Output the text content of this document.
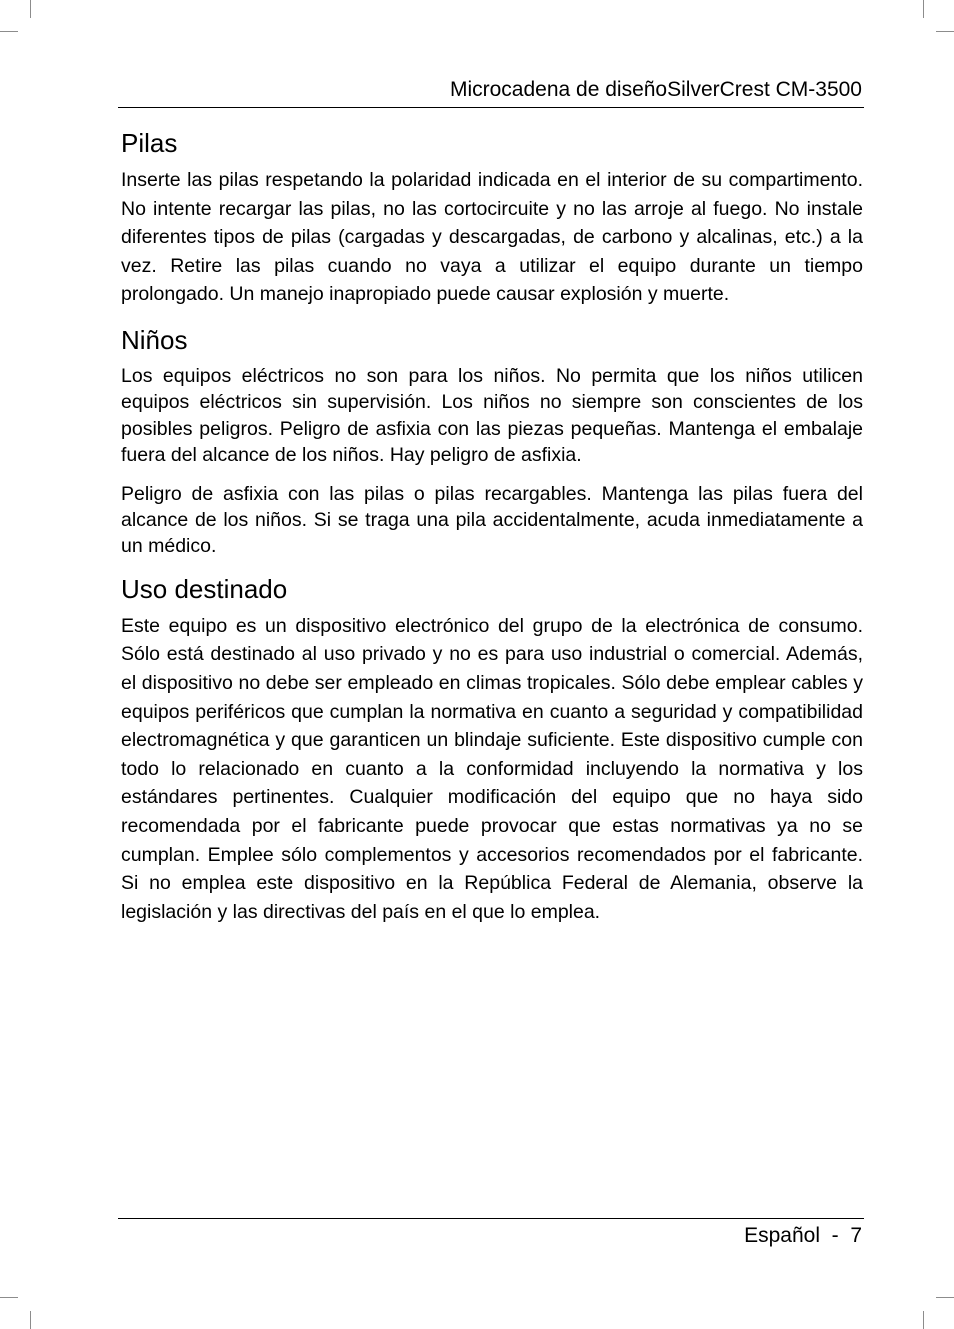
Microcadena de diseñoSilverCrest CM-3500
Pilas

Inserte las pilas respetando la polaridad indicada en el interior de su compartimento. No intente recargar las pilas, no las cortocircuite y no las arroje al fuego. No instale diferentes tipos de pilas (cargadas y descargadas, de carbono y alcalinas, etc.) a la vez. Retire las pilas cuando no vaya a utilizar el equipo durante un tiempo prolongado. Un manejo inapropiado puede causar explosión y muerte.

Niños

Los equipos eléctricos no son para los niños. No permita que los niños utilicen equipos eléctricos sin supervisión. Los niños no siempre son conscientes de los posibles peligros. Peligro de asfixia con las piezas pequeñas. Mantenga el embalaje fuera del alcance de los niños. Hay peligro de asfixia.

Peligro de asfixia con las pilas o pilas recargables. Mantenga las pilas fuera del alcance de los niños. Si se traga una pila accidentalmente, acuda inmediatamente a un médico.

Uso destinado

Este equipo es un dispositivo electrónico del grupo de la electrónica de consumo. Sólo está destinado al uso privado y no es para uso industrial o comercial. Además, el dispositivo no debe ser empleado en climas tropicales. Sólo debe emplear cables y equipos periféricos que cumplan la normativa en cuanto a seguridad y compatibilidad electromagnética y que garanticen un blindaje suficiente. Este dispositivo cumple con todo lo relacionado en cuanto a la conformidad incluyendo la normativa y los estándares pertinentes. Cualquier modificación del equipo que no haya sido recomendada por el fabricante puede provocar que estas normativas ya no se cumplan. Emplee sólo complementos y accesorios recomendados por el fabricante. Si no emplea este dispositivo en la República Federal de Alemania, observe la legislación y las directivas del país en el que lo emplea.

Español  -  7
